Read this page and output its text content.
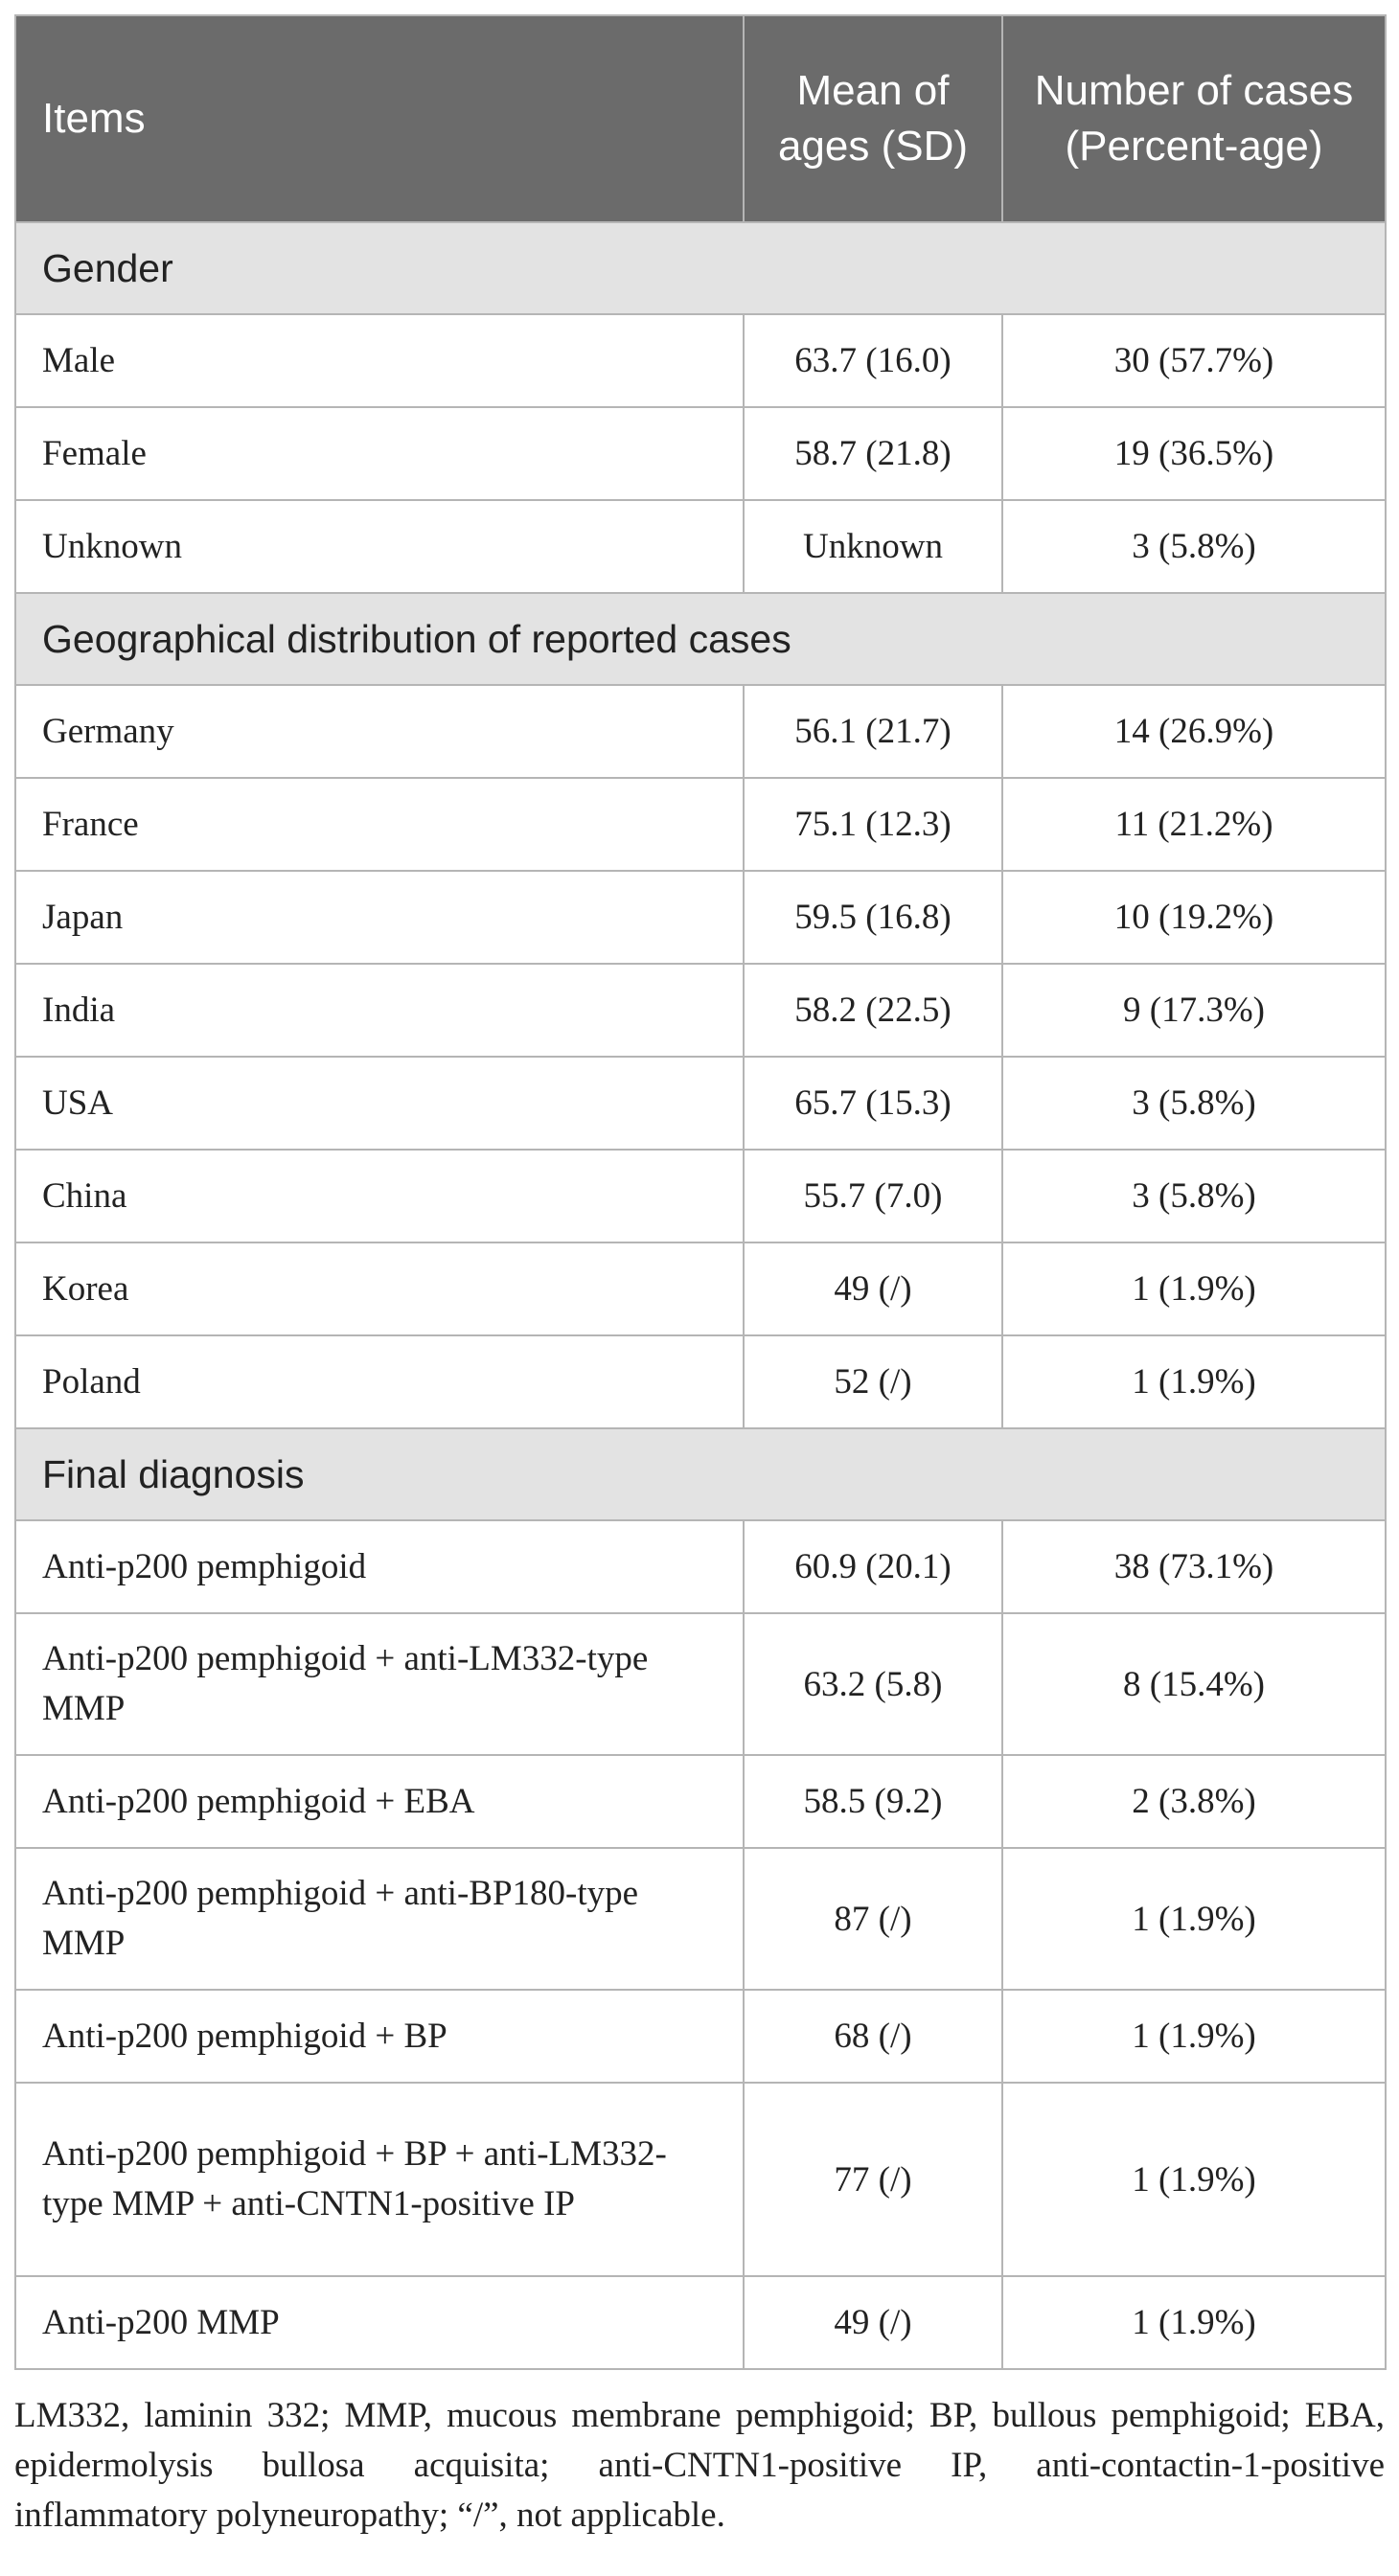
Items	Mean of ages (SD)	Number of cases (Percent-age)
Gender		
Male	63.7 (16.0)	30 (57.7%)
Female	58.7 (21.8)	19 (36.5%)
Unknown	Unknown	3 (5.8%)
Geographical distribution of reported cases		
Germany	56.1 (21.7)	14 (26.9%)
France	75.1 (12.3)	11 (21.2%)
Japan	59.5 (16.8)	10 (19.2%)
India	58.2 (22.5)	9 (17.3%)
USA	65.7 (15.3)	3 (5.8%)
China	55.7 (7.0)	3 (5.8%)
Korea	49 (/)	1 (1.9%)
Poland	52 (/)	1 (1.9%)
Final diagnosis		
Anti-p200 pemphigoid	60.9 (20.1)	38 (73.1%)
Anti-p200 pemphigoid + anti-LM332-type MMP	63.2 (5.8)	8 (15.4%)
Anti-p200 pemphigoid + EBA	58.5 (9.2)	2 (3.8%)
Anti-p200 pemphigoid + anti-BP180-type MMP	87 (/)	1 (1.9%)
Anti-p200 pemphigoid + BP	68 (/)	1 (1.9%)
Anti-p200 pemphigoid + BP + anti-LM332-type MMP + anti-CNTN1-positive IP	77 (/)	1 (1.9%)
Anti-p200 MMP	49 (/)	1 (1.9%)

LM332, laminin 332; MMP, mucous membrane pemphigoid; BP, bullous pemphigoid; EBA, epidermolysis bullosa acquisita; anti-CNTN1-positive IP, anti-contactin-1-positive inflammatory polyneuropathy; “/”, not applicable.
